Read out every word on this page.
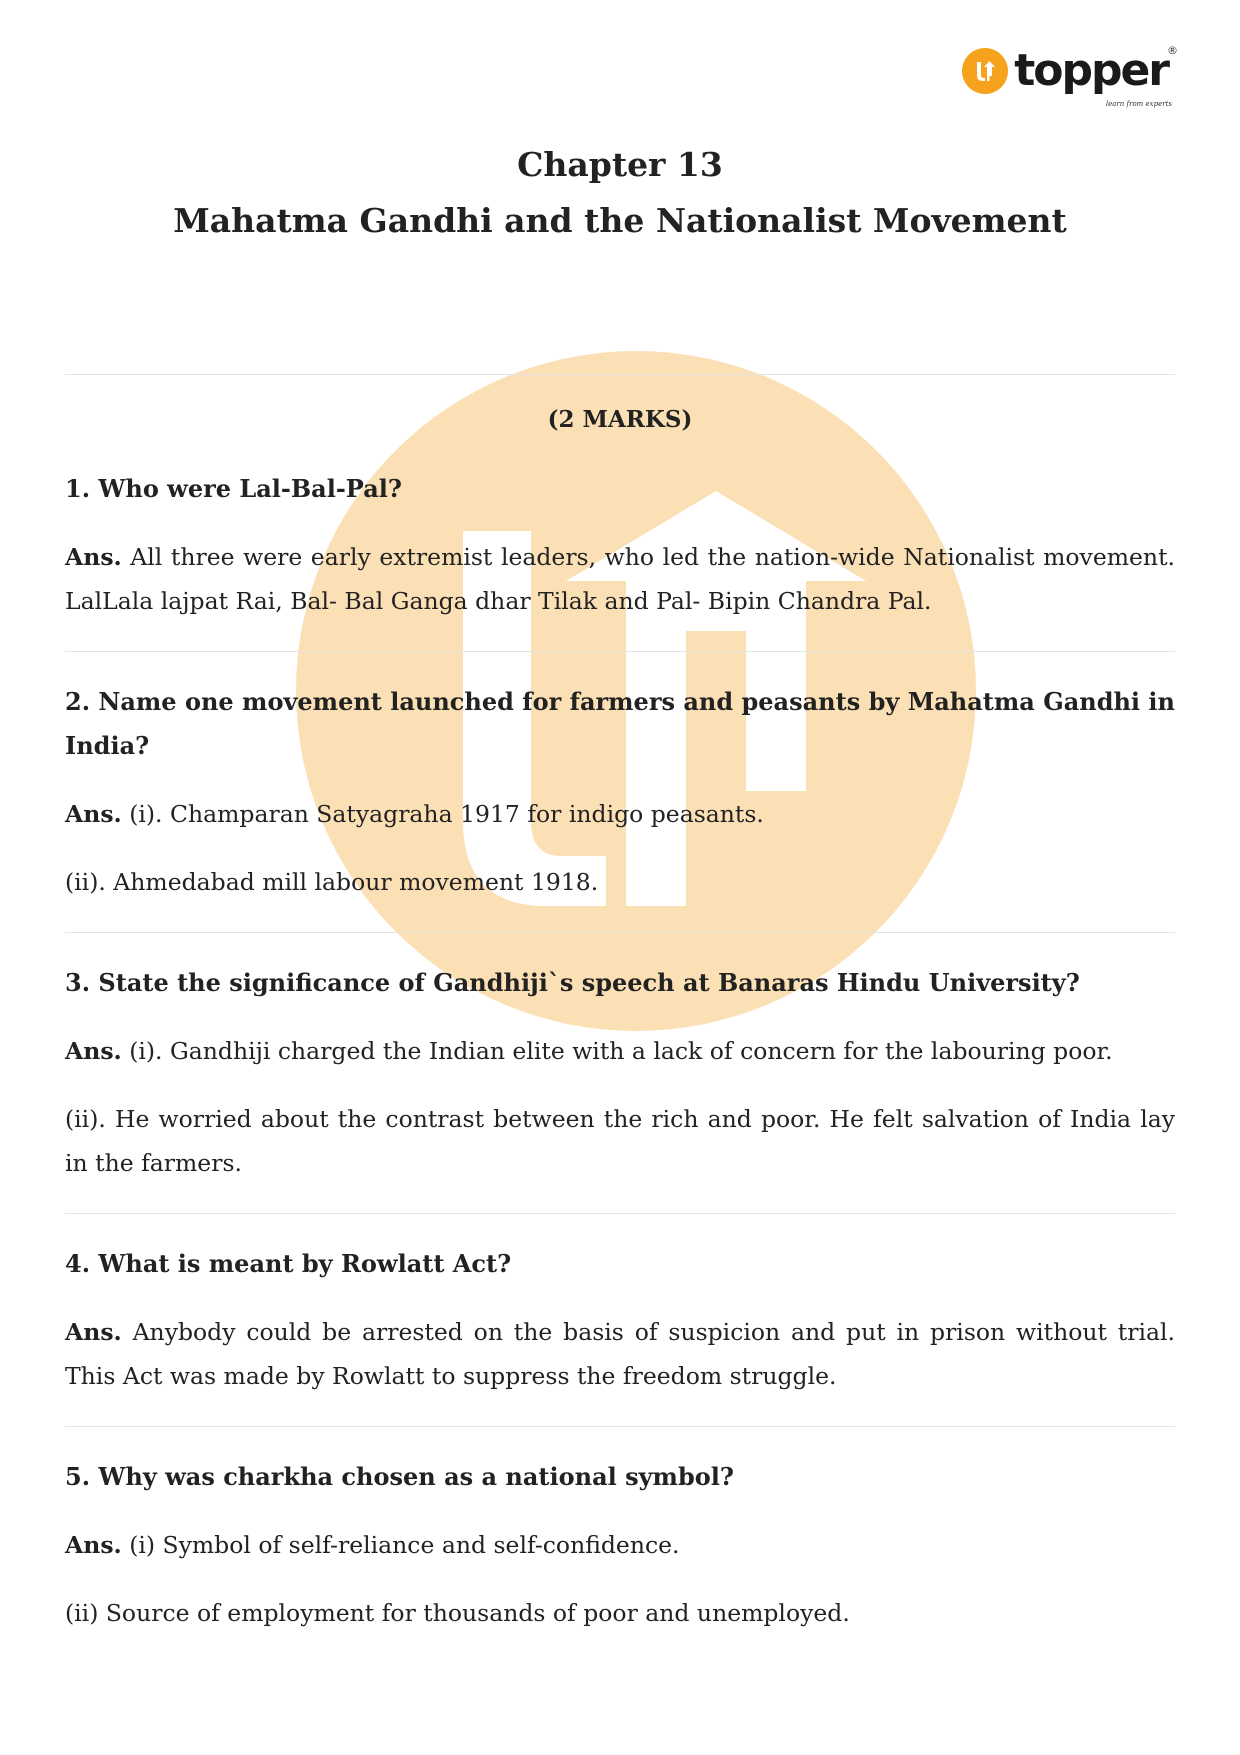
topper ®
learn from experts
Chapter 13
Mahatma Gandhi and the Nationalist Movement
(2 MARKS)

1. Who were Lal-Bal-Pal?

Ans. All three were early extremist leaders, who led the nation-wide Nationalist movement. LalLala lajpat Rai, Bal- Bal Ganga dhar Tilak and Pal- Bipin Chandra Pal.

2. Name one movement launched for farmers and peasants by Mahatma Gandhi in India?

Ans. (i). Champaran Satyagraha 1917 for indigo peasants.

(ii). Ahmedabad mill labour movement 1918.

3. State the significance of Gandhiji`s speech at Banaras Hindu University?

Ans. (i). Gandhiji charged the Indian elite with a lack of concern for the labouring poor.

(ii). He worried about the contrast between the rich and poor. He felt salvation of India lay in the farmers.

4. What is meant by Rowlatt Act?

Ans. Anybody could be arrested on the basis of suspicion and put in prison without trial. This Act was made by Rowlatt to suppress the freedom struggle.

5. Why was charkha chosen as a national symbol?

Ans. (i) Symbol of self-reliance and self-confidence.

(ii) Source of employment for thousands of poor and unemployed.
